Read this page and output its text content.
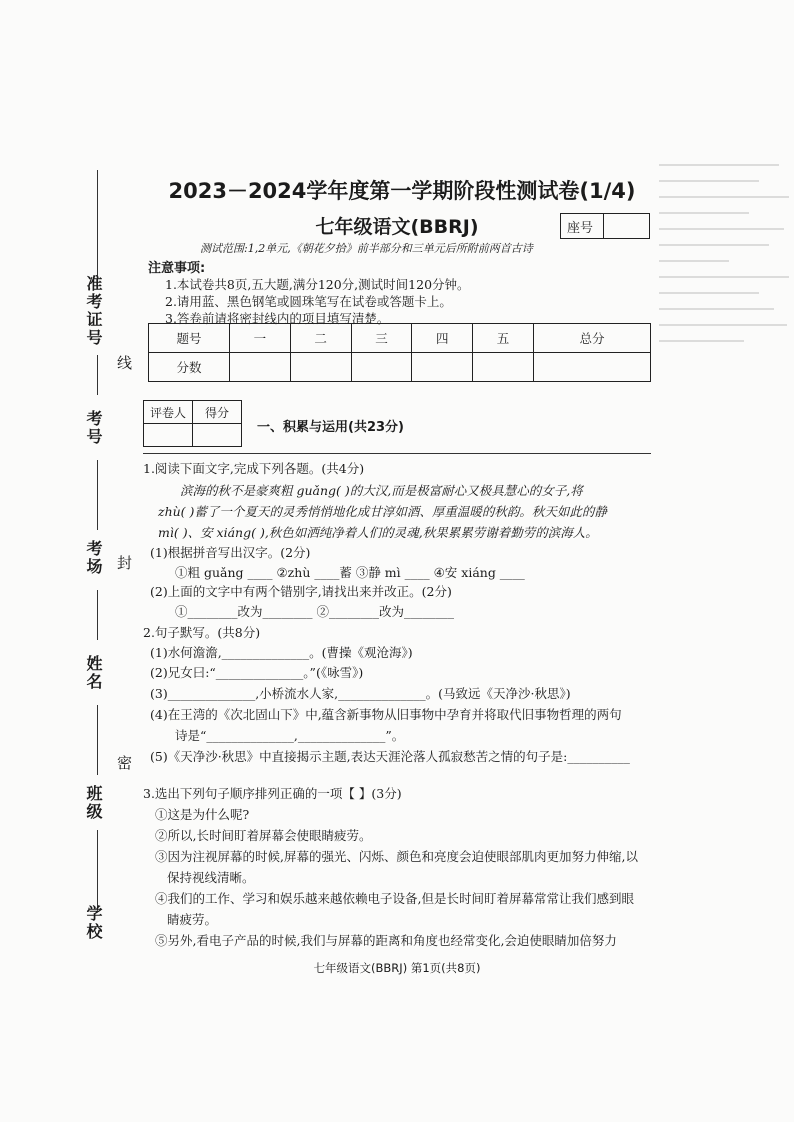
准考证号
考号
考场
姓名
班级
学校
线
封
密
2023－2024学年度第一学期阶段性测试卷(1/4)
七年级语文(BBRJ)	座号
测试范围:1,2单元,《朝花夕拾》前半部分和三单元后所附前两首古诗
注意事项:
1.本试卷共8页,五大题,满分120分,测试时间120分钟。
2.请用蓝、黑色钢笔或圆珠笔写在试卷或答题卡上。
3.答卷前请将密封线内的项目填写清楚。
题号	一	二	三	四	五	总分
分数						
评卷人	得分

一、积累与运用(共23分)
1.阅读下面文字,完成下列各题。(共4分)
滨海的秋不是豪爽粗 guǎng( )的大汉,而是极富耐心又极具慧心的女子,将
zhù( )蓄了一个夏天的灵秀悄悄地化成甘淳如酒、厚重温暖的秋韵。秋天如此的静
mì( )、安 xiáng( ),秋色如洒纯净着人们的灵魂,秋果累累劳谢着勤劳的滨海人。
(1)根据拼音写出汉字。(2分)
①粗 guǎng ____ ②zhù ____蓄 ③静 mì ____ ④安 xiáng ____
(2)上面的文字中有两个错别字,请找出来并改正。(2分)
①________改为________ ②________改为________
2.句子默写。(共8分)
(1)水何澹澹,______________。(曹操《观沧海》)
(2)兄女曰:“______________。”(《咏雪》)
(3)______________,小桥流水人家,______________。(马致远《天净沙·秋思》)
(4)在王湾的《次北固山下》中,蕴含新事物从旧事物中孕育并将取代旧事物哲理的两句
诗是“______________,______________”。
(5)《天净沙·秋思》中直接揭示主题,表达天涯沦落人孤寂愁苦之情的句子是:__________
3.选出下列句子顺序排列正确的一项【 】(3分)
①这是为什么呢?
②所以,长时间盯着屏幕会使眼睛疲劳。
③因为注视屏幕的时候,屏幕的强光、闪烁、颜色和亮度会迫使眼部肌肉更加努力伸缩,以
保持视线清晰。
④我们的工作、学习和娱乐越来越依赖电子设备,但是长时间盯着屏幕常常让我们感到眼
睛疲劳。
⑤另外,看电子产品的时候,我们与屏幕的距离和角度也经常变化,会迫使眼睛加倍努力
七年级语文(BBRJ) 第1页(共8页)
